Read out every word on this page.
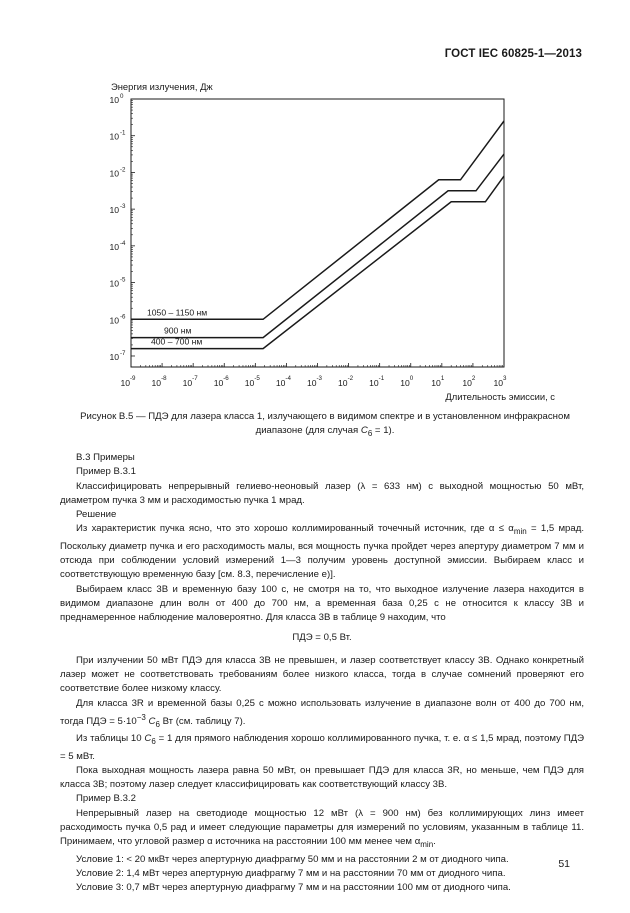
ГОСТ IEC 60825-1—2013
Энергия излучения, Дж
Длительность эмиссии, с
10 -9 10 -8 10 -7 10 -6 10 -5 10 -4 10 -3 10 -2 10 -1 10 0 10 1 10 2 10 3
10 -7
10 -6
10 -5
10 -4
10 -3
10 -2
10 -1
10 0
1050 – 1150 нм
900 нм
400 – 700 нм
Рисунок В.5 — ПДЭ для лазера класса 1, излучающего в видимом спектре и в установленном инфракрасном
диапазоне (для случая $C_6 = 1$).

В.3 Примеры

Пример В.3.1

Классифицировать непрерывный гелиево-неоновый лазер (λ = 633 нм) с выходной мощностью 50 мВт, диаметром пучка 3 мм и расходимостью пучка 1 мрад.

Решение

Из характеристик пучка ясно, что это хорошо коллимированный точечный источник, где $\alpha \le \alpha_{min} = 1,5$ мрад. Поскольку диаметр пучка и его расходимость малы, вся мощность пучка пройдет через апертуру диаметром 7 мм и отсюда при соблюдении условий измерений 1—3 получим уровень доступной эмиссии. Выбираем класс и соответствующую временную базу [см. 8.3, перечисление е)].

Выбираем класс 3В и временную базу 100 с, не смотря на то, что выходное излучение лазера находится в видимом диапазоне длин волн от 400 до 700 нм, а временная база 0,25 с не относится к классу 3В и преднамеренное наблюдение маловероятно. Для класса 3В в таблице 9 находим, что

ПДЭ = 0,5 Вт.

При излучении 50 мВт ПДЭ для класса 3В не превышен, и лазер соответствует классу 3В. Однако конкретный лазер может не соответствовать требованиям более низкого класса, тогда в случае сомнений проверяют его соответствие более низкому классу.

Для класса 3R и временной базы 0,25 с можно использовать излучение в диапазоне волн от 400 до 700 нм, тогда ПДЭ = $5\cdot 10^{-3}$ $C_6$ Вт (см. таблицу 7).

Из таблицы 10 $C_6 = 1$ для прямого наблюдения хорошо коллимированного пучка, т. е. α ≤ 1,5 мрад, поэтому ПДЭ = 5 мВт.

Пока выходная мощность лазера равна 50 мВт, он превышает ПДЭ для класса 3R, но меньше, чем ПДЭ для класса 3В; поэтому лазер следует классифицировать как соответствующий классу 3В.

Пример В.3.2

Непрерывный лазер на светодиоде мощностью 12 мВт (λ = 900 нм) без коллимирующих линз имеет расходимость пучка 0,5 рад и имеет следующие параметры для измерений по условиям, указанным в таблице 11. Принимаем, что угловой размер α источника на расстоянии 100 мм менее чем $\alpha_{min}$.

Условие 1: < 20 мкВт через апертурную диафрагму 50 мм и на расстоянии 2 м от диодного чипа.

Условие 2: 1,4 мВт через апертурную диафрагму 7 мм и на расстоянии 70 мм от диодного чипа.

Условие 3: 0,7 мВт через апертурную диафрагму 7 мм и на расстоянии 100 мм от диодного чипа.

51
